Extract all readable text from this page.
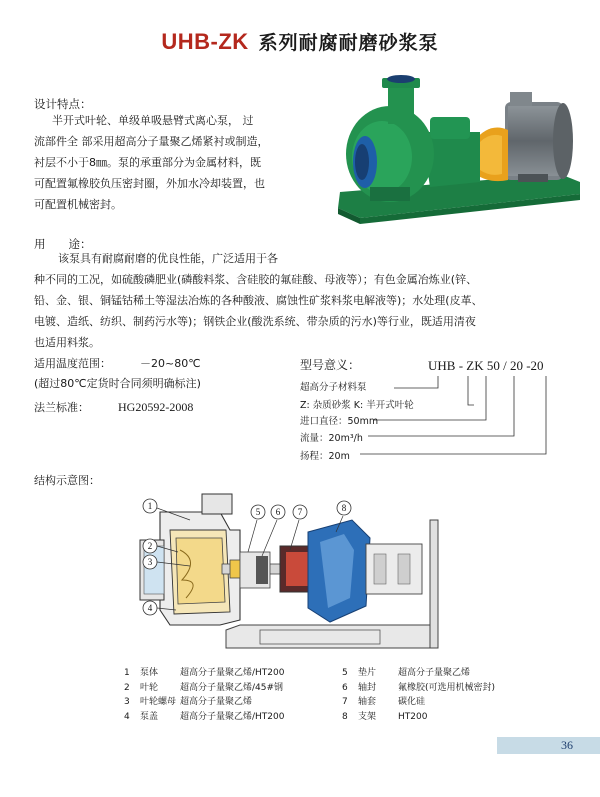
UHB-ZK 系列耐腐耐磨砂浆泵
设计特点：
半开式叶轮、单级单吸悬臂式离心泵， 过
流部件全 部采用超高分子量聚乙烯紧衬或制造，
衬层不小于8㎜。泵的承重部分为金属材料，既
可配置氟橡胶负压密封圈，外加水冷却装置，也
可配置机械密封。
用　　途：
该泵具有耐腐耐磨的优良性能，广泛适用于各
种不同的工况，如硫酸磷肥业(磷酸料浆、含硅胶的氟硅酸、母液等）；有色金属冶炼业(锌、
铅、金、银、铜锰钴稀土等湿法冶炼的各种酸液、腐蚀性矿浆料浆电解液等)；水处理(皮革、
电镀、造纸、纺织、制药污水等)；钢铁企业(酸洗系统、带杂质的污水)等行业，既适用清夜
也适用料浆。
适用温度范围：	－20~80℃
(超过80℃定货时合同须明确标注)
法兰标准： HG20592-2008
型号意义：	UHB - ZK 50 / 20 -20
超高分子材料泵
Z: 杂质砂浆 K: 半开式叶轮
进口直径：50mm
流量：20m³/h
扬程：20m
结构示意图：
1
2
3
4
5 6 7	8
1 泵体 超高分子量聚乙烯/HT200
2 叶轮 超高分子量聚乙烯/45#钢
3 叶轮螺母 超高分子量聚乙烯
4 泵盖 超高分子量聚乙烯/HT200
5 垫片 超高分子量聚乙烯
6 轴封 氟橡胶(可选用机械密封)
7 轴套 碳化硅
8 支架 HT200
36
